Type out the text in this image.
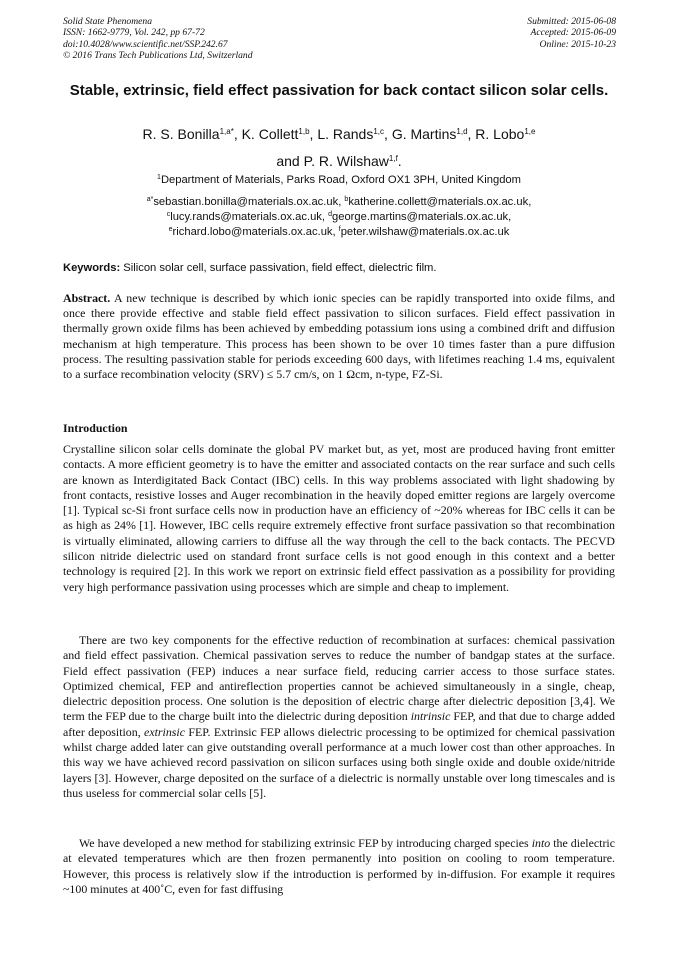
Solid State Phenomena
ISSN: 1662-9779, Vol. 242, pp 67-72
doi:10.4028/www.scientific.net/SSP.242.67
© 2016 Trans Tech Publications Ltd, Switzerland
Submitted: 2015-06-08
Accepted: 2015-06-09
Online: 2015-10-23
Stable, extrinsic, field effect passivation for back contact silicon solar cells.
R. S. Bonilla$^{1,a*}$, K. Collett$^{1,b}$, L. Rands$^{1,c}$, G. Martins$^{1,d}$, R. Lobo$^{1,e}$
and P. R. Wilshaw$^{1,f}$.
$^1$Department of Materials, Parks Road, Oxford OX1 3PH, United Kingdom
$^{a*}$sebastian.bonilla@materials.ox.ac.uk, $^b$katherine.collett@materials.ox.ac.uk,
$^c$lucy.rands@materials.ox.ac.uk, $^d$george.martins@materials.ox.ac.uk,
$^e$richard.lobo@materials.ox.ac.uk, $^f$peter.wilshaw@materials.ox.ac.uk
Keywords: Silicon solar cell, surface passivation, field effect, dielectric film.
Abstract. A new technique is described by which ionic species can be rapidly transported into oxide films, and once there provide effective and stable field effect passivation to silicon surfaces. Field effect passivation in thermally grown oxide films has been achieved by embedding potassium ions using a combined drift and diffusion mechanism at high temperature. This process has been shown to be over 10 times faster than a pure diffusion process. The resulting passivation stable for periods exceeding 600 days, with lifetimes reaching 1.4 ms, equivalent to a surface recombination velocity (SRV) ≤ 5.7 cm/s, on 1 Ωcm, n-type, FZ-Si.
Introduction
Crystalline silicon solar cells dominate the global PV market but, as yet, most are produced having front emitter contacts. A more efficient geometry is to have the emitter and associated contacts on the rear surface and such cells are known as Interdigitated Back Contact (IBC) cells. In this way problems associated with light shadowing by front contacts, resistive losses and Auger recombination in the heavily doped emitter regions are largely overcome [1]. Typical sc-Si front surface cells now in production have an efficiency of ~20% whereas for IBC cells it can be as high as 24% [1]. However, IBC cells require extremely effective front surface passivation so that recombination is virtually eliminated, allowing carriers to diffuse all the way through the cell to the back contacts. The PECVD silicon nitride dielectric used on standard front surface cells is not good enough in this context and a better technology is required [2]. In this work we report on extrinsic field effect passivation as a possibility for providing very high performance passivation using processes which are simple and cheap to implement.
There are two key components for the effective reduction of recombination at surfaces: chemical passivation and field effect passivation. Chemical passivation serves to reduce the number of bandgap states at the surface. Field effect passivation (FEP) induces a near surface field, reducing carrier access to those surface states. Optimized chemical, FEP and antireflection properties cannot be achieved simultaneously in a single, cheap, dielectric deposition process. One solution is the deposition of electric charge after dielectric deposition [3,4]. We term the FEP due to the charge built into the dielectric during deposition intrinsic FEP, and that due to charge added after deposition, extrinsic FEP. Extrinsic FEP allows dielectric processing to be optimized for chemical passivation whilst charge added later can give outstanding overall performance at a much lower cost than other approaches. In this way we have achieved record passivation on silicon surfaces using both single oxide and double oxide/nitride layers [3]. However, charge deposited on the surface of a dielectric is normally unstable over long timescales and is thus useless for commercial solar cells [5].
We have developed a new method for stabilizing extrinsic FEP by introducing charged species into the dielectric at elevated temperatures which are then frozen permanently into position on cooling to room temperature. However, this process is relatively slow if the introduction is performed by in-diffusion. For example it requires ~100 minutes at 400˚C, even for fast diffusing
